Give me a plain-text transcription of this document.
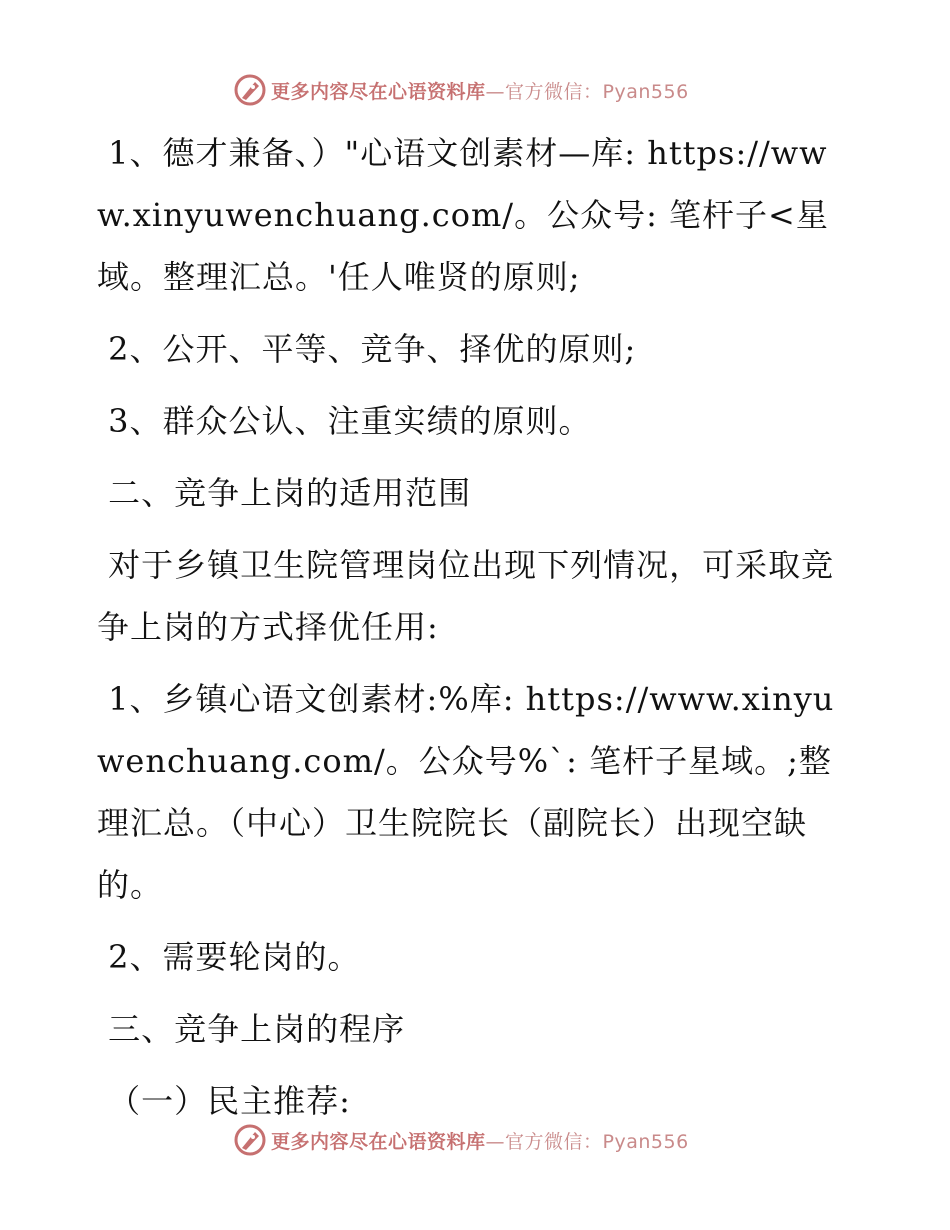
更多内容尽在心语资料库—官方微信：Pyan556

1、德才兼备、）"心语文创素材—库: https://www.xinyuwenchuang.com/。公众号: 笔杆子<星域。整理汇总。'任人唯贤的原则;

2、公开、平等、竞争、择优的原则;

3、群众公认、注重实绩的原则。

二、竞争上岗的适用范围

对于乡镇卫生院管理岗位出现下列情况，可采取竞争上岗的方式择优任用:

1、乡镇心语文创素材:%库: https://www.xinyuwenchuang.com/。公众号%`: 笔杆子星域。;整理汇总。（中心）卫生院院长（副院长）出现空缺的。

2、需要轮岗的。

三、竞争上岗的程序

（一）民主推荐:

更多内容尽在心语资料库—官方微信：Pyan556
